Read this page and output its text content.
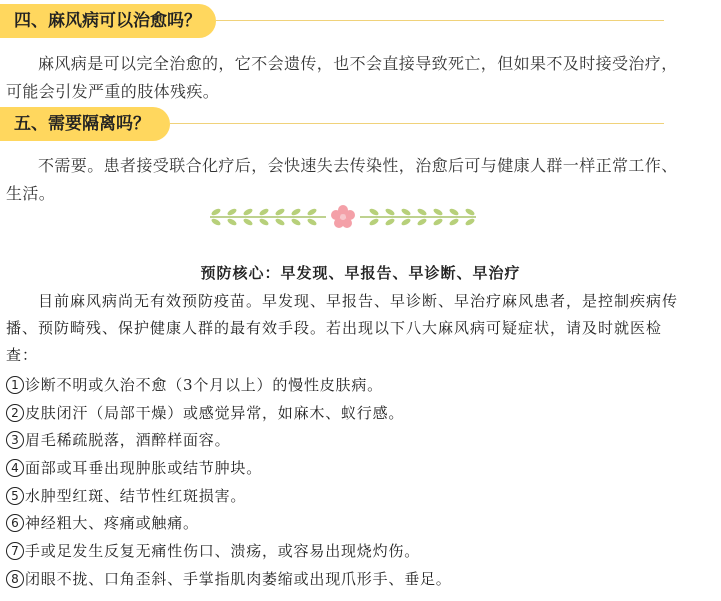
四、麻风病可以治愈吗？

麻风病是可以完全治愈的，它不会遗传，也不会直接导致死亡，但如果不及时接受治疗，可能会引发严重的肢体残疾。

五、需要隔离吗？

不需要。患者接受联合化疗后，会快速失去传染性，治愈后可与健康人群一样正常工作、生活。

预防核心：早发现、早报告、早诊断、早治疗

目前麻风病尚无有效预防疫苗。早发现、早报告、早诊断、早治疗麻风患者，是控制疾病传播、预防畸残、保护健康人群的最有效手段。若出现以下八大麻风病可疑症状，请及时就医检查：

1 诊断不明或久治不愈（3个月以上）的慢性皮肤病。
2 皮肤闭汗（局部干燥）或感觉异常，如麻木、蚁行感。
3 眉毛稀疏脱落，酒醉样面容。
4 面部或耳垂出现肿胀或结节肿块。
5 水肿型红斑、结节性红斑损害。
6 神经粗大、疼痛或触痛。
7 手或足发生反复无痛性伤口、溃疡，或容易出现烧灼伤。
8 闭眼不拢、口角歪斜、手掌指肌肉萎缩或出现爪形手、垂足。
